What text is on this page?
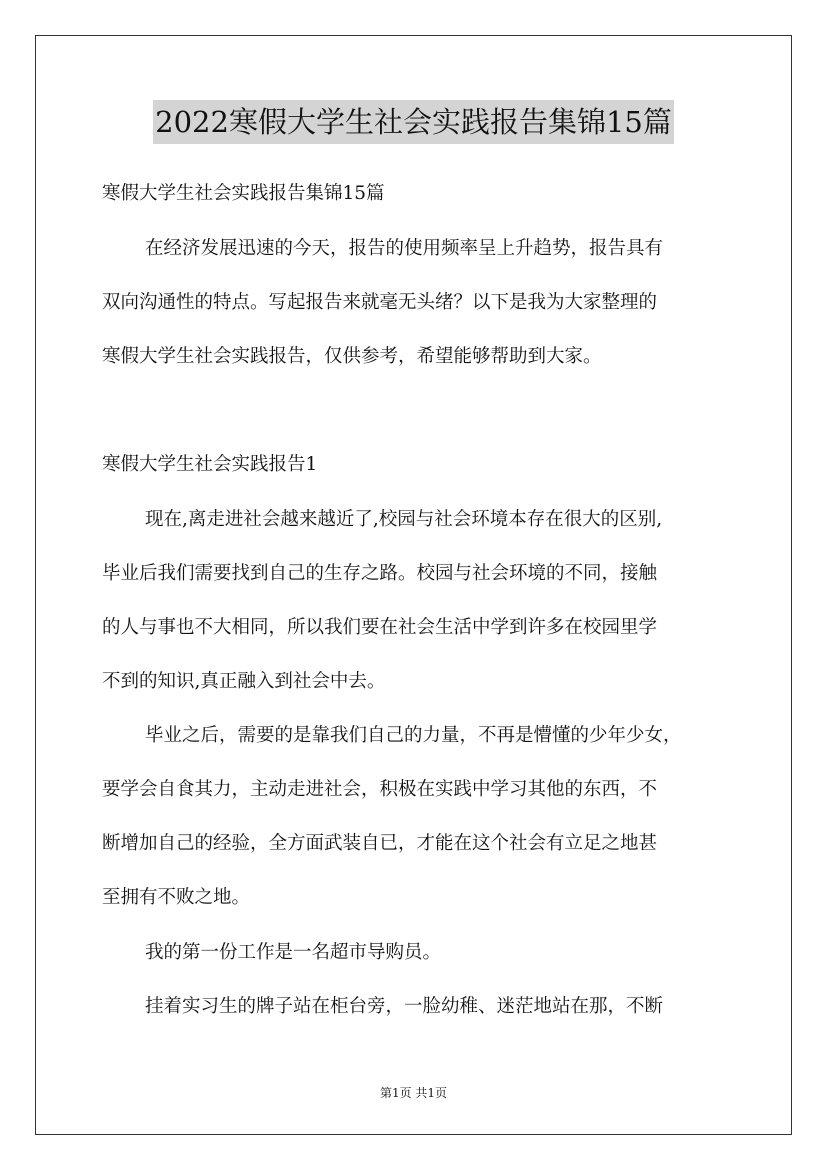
2022寒假大学生社会实践报告集锦15篇
寒假大学生社会实践报告集锦15篇
在经济发展迅速的今天，报告的使用频率呈上升趋势，报告具有
双向沟通性的特点。写起报告来就毫无头绪？以下是我为大家整理的
寒假大学生社会实践报告，仅供参考，希望能够帮助到大家。
寒假大学生社会实践报告1
现在,离走进社会越来越近了,校园与社会环境本存在很大的区别,
毕业后我们需要找到自己的生存之路。校园与社会环境的不同，接触
的人与事也不大相同，所以我们要在社会生活中学到许多在校园里学
不到的知识,真正融入到社会中去。
毕业之后，需要的是靠我们自己的力量，不再是懵懂的少年少女，
要学会自食其力，主动走进社会，积极在实践中学习其他的东西，不
断增加自己的经验，全方面武装自已，才能在这个社会有立足之地甚
至拥有不败之地。
我的第一份工作是一名超市导购员。
挂着实习生的牌子站在柜台旁，一脸幼稚、迷茫地站在那，不断
第1页 共1页
